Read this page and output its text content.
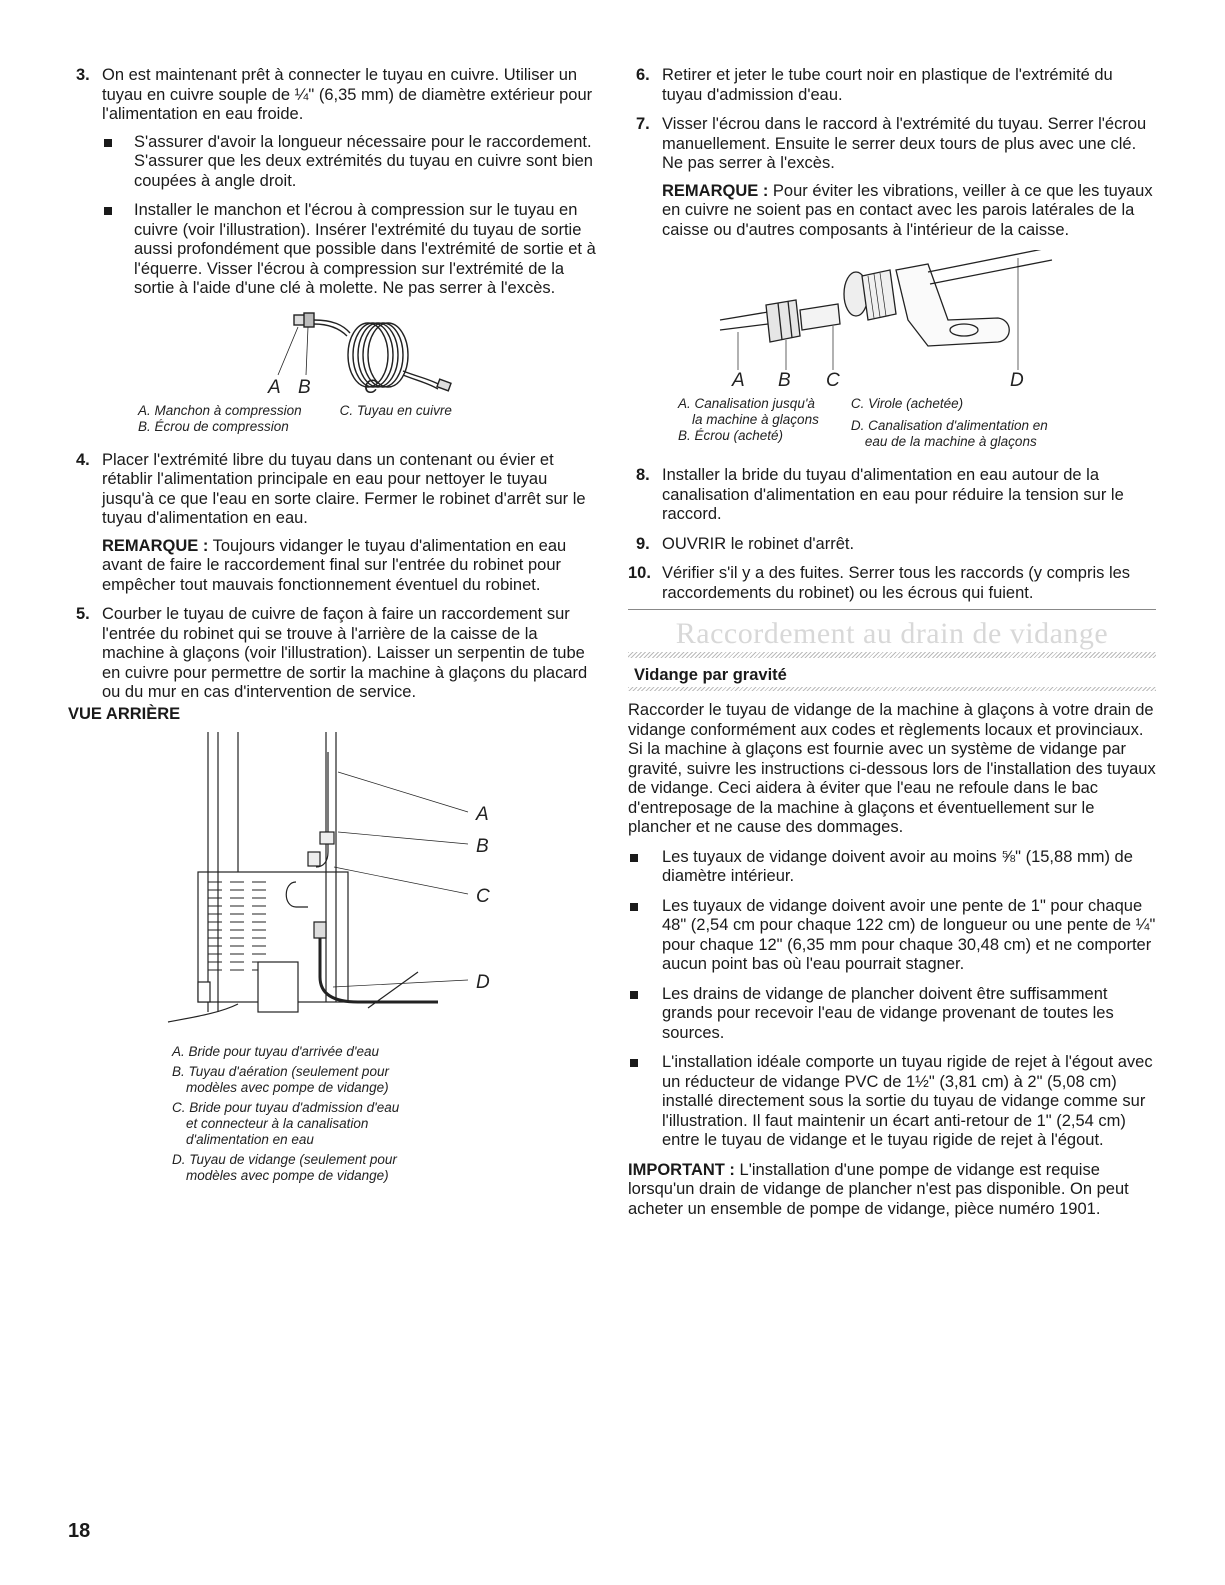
3. On est maintenant prêt à connecter le tuyau en cuivre. Utiliser un tuyau en cuivre souple de ¼" (6,35 mm) de diamètre extérieur pour l'alimentation en eau froide.

S'assurer d'avoir la longueur nécessaire pour le raccordement. S'assurer que les deux extrémités du tuyau en cuivre sont bien coupées à angle droit.
Installer le manchon et l'écrou à compression sur le tuyau en cuivre (voir l'illustration). Insérer l'extrémité du tuyau de sortie aussi profondément que possible dans l'extrémité de sortie et à l'équerre. Visser l'écrou à compression sur l'extrémité de la sortie à l'aide d'une clé à molette. Ne pas serrer à l'excès.
A B	C

A. Manchon à compression

B. Écrou de compression

C. Tuyau en cuivre

4. Placer l'extrémité libre du tuyau dans un contenant ou évier et rétablir l'alimentation principale en eau pour nettoyer le tuyau jusqu'à ce que l'eau en sorte claire. Fermer le robinet d'arrêt sur le tuyau d'alimentation en eau.

REMARQUE : Toujours vidanger le tuyau d'alimentation en eau avant de faire le raccordement final sur l'entrée du robinet pour empêcher tout mauvais fonctionnement éventuel du robinet.

5. Courber le tuyau de cuivre de façon à faire un raccordement sur l'entrée du robinet qui se trouve à l'arrière de la caisse de la machine à glaçons (voir l'illustration). Laisser un serpentin de tube en cuivre pour permettre de sortir la machine à glaçons du placard ou du mur en cas d'intervention de service.

VUE ARRIÈRE

A
B
C
D

A. Bride pour tuyau d'arrivée d'eau

B. Tuyau d'aération (seulement pour
modèles avec pompe de vidange)

C. Bride pour tuyau d'admission d'eau
et connecteur à la canalisation
d'alimentation en eau

D. Tuyau de vidange (seulement pour
modèles avec pompe de vidange)

6. Retirer et jeter le tube court noir en plastique de l'extrémité du tuyau d'admission d'eau.

7. Visser l'écrou dans le raccord à l'extrémité du tuyau. Serrer l'écrou manuellement. Ensuite le serrer deux tours de plus avec une clé. Ne pas serrer à l'excès.

REMARQUE : Pour éviter les vibrations, veiller à ce que les tuyaux en cuivre ne soient pas en contact avec les parois latérales de la caisse ou d'autres composants à l'intérieur de la caisse.

A B C	D

A. Canalisation jusqu'à
la machine à glaçons

B. Écrou (acheté)

C. Virole (achetée)

D. Canalisation d'alimentation en
eau de la machine à glaçons

8. Installer la bride du tuyau d'alimentation en eau autour de la canalisation d'alimentation en eau pour réduire la tension sur le raccord.

9. OUVRIR le robinet d'arrêt.

10. Vérifier s'il y a des fuites. Serrer tous les raccords (y compris les raccordements du robinet) ou les écrous qui fuient.

Raccordement au drain de vidange

Vidange par gravité

Raccorder le tuyau de vidange de la machine à glaçons à votre drain de vidange conformément aux codes et règlements locaux et provinciaux. Si la machine à glaçons est fournie avec un système de vidange par gravité, suivre les instructions ci-dessous lors de l'installation des tuyaux de vidange. Ceci aidera à éviter que l'eau ne refoule dans le bac d'entreposage de la machine à glaçons et éventuellement sur le plancher et ne cause des dommages.

Les tuyaux de vidange doivent avoir au moins ⅝" (15,88 mm) de diamètre intérieur.
Les tuyaux de vidange doivent avoir une pente de 1" pour chaque 48" (2,54 cm pour chaque 122 cm) de longueur ou une pente de ¼" pour chaque 12" (6,35 mm pour chaque 30,48 cm) et ne comporter aucun point bas où l'eau pourrait stagner.
Les drains de vidange de plancher doivent être suffisamment grands pour recevoir l'eau de vidange provenant de toutes les sources.
L'installation idéale comporte un tuyau rigide de rejet à l'égout avec un réducteur de vidange PVC de 1½" (3,81 cm) à 2" (5,08 cm) installé directement sous la sortie du tuyau de vidange comme sur l'illustration. Il faut maintenir un écart anti-retour de 1" (2,54 cm) entre le tuyau de vidange et le tuyau rigide de rejet à l'égout.

IMPORTANT : L'installation d'une pompe de vidange est requise lorsqu'un drain de vidange de plancher n'est pas disponible. On peut acheter un ensemble de pompe de vidange, pièce numéro 1901.

18
